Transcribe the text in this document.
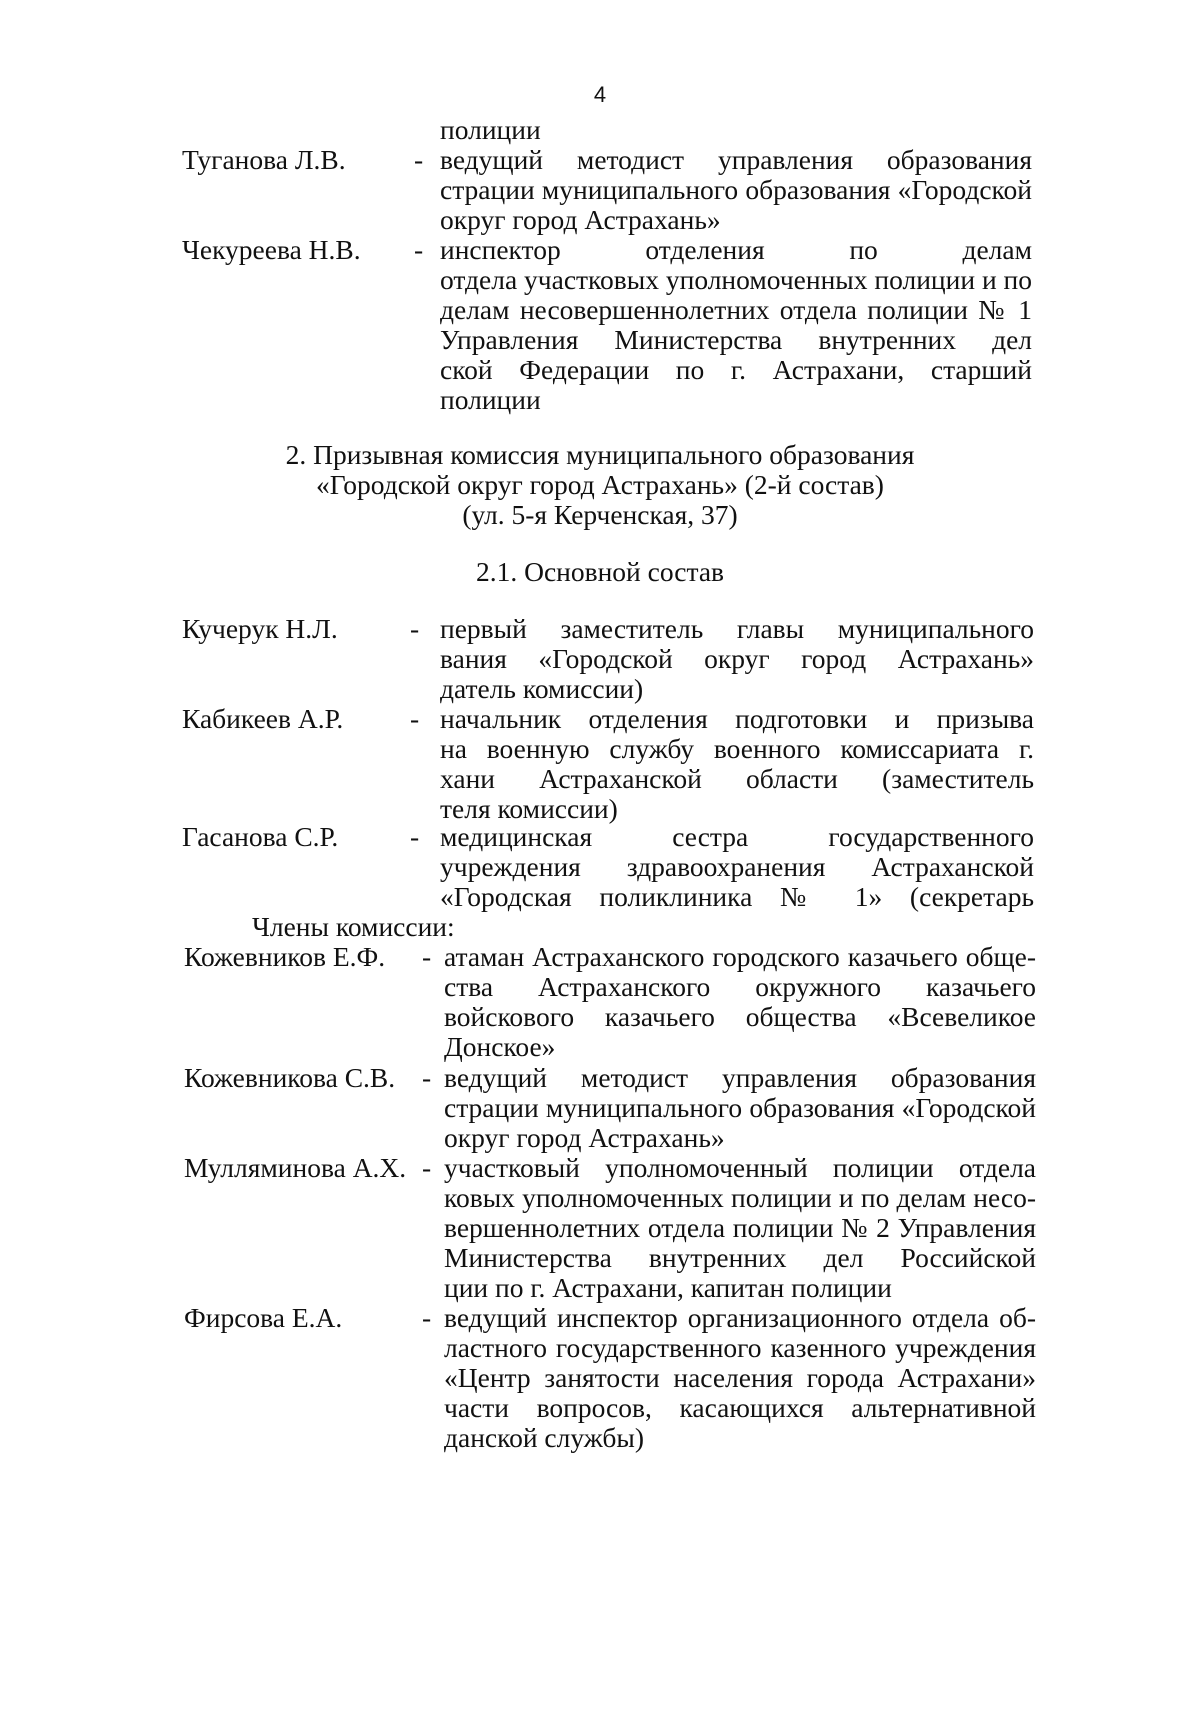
4
полиции
Туганова Л.В. - ведущий методист управления образования
страции муниципального образования «Городской
округ город Астрахань»
Чекуреева Н.В. - инспектор отделения по делам
отдела участковых уполномоченных полиции и по
делам несовершеннолетних отдела полиции № 1
Управления Министерства внутренних дел
ской Федерации по г. Астрахани, старший
полиции
2. Призывная комиссия муниципального образования
«Городской округ город Астрахань» (2-й состав)
(ул. 5-я Керченская, 37)
2.1. Основной состав
Кучерук Н.Л.	- первый заместитель главы муниципального
вания «Городской округ город Астрахань»
датель комиссии)
Кабикеев А.Р. - начальник отделения подготовки и призыва
на военную службу военного комиссариата г.
хани Астраханской области (заместитель
теля комиссии)
Гасанова С.Р.	- медицинская сестра государственного
учреждения здравоохранения Астраханской
«Городская поликлиника № 1» (секретарь
Члены комиссии:
Кожевников Е.Ф. - атаман Астраханского городского казачьего обще-
ства Астраханского окружного казачьего
войскового казачьего общества «Всевеликое
Донское»
Кожевникова С.В. - ведущий методист управления образования
страции муниципального образования «Городской
округ город Астрахань»
Мулляминова А.Х. - участковый уполномоченный полиции отдела
ковых уполномоченных полиции и по делам несо-
вершеннолетних отдела полиции № 2 Управления
Министерства внутренних дел Российской
ции по г. Астрахани, капитан полиции
Фирсова Е.А.	- ведущий инспектор организационного отдела об-
ластного государственного казенного учреждения
«Центр занятости населения города Астрахани»
части вопросов, касающихся альтернативной
данской службы)
